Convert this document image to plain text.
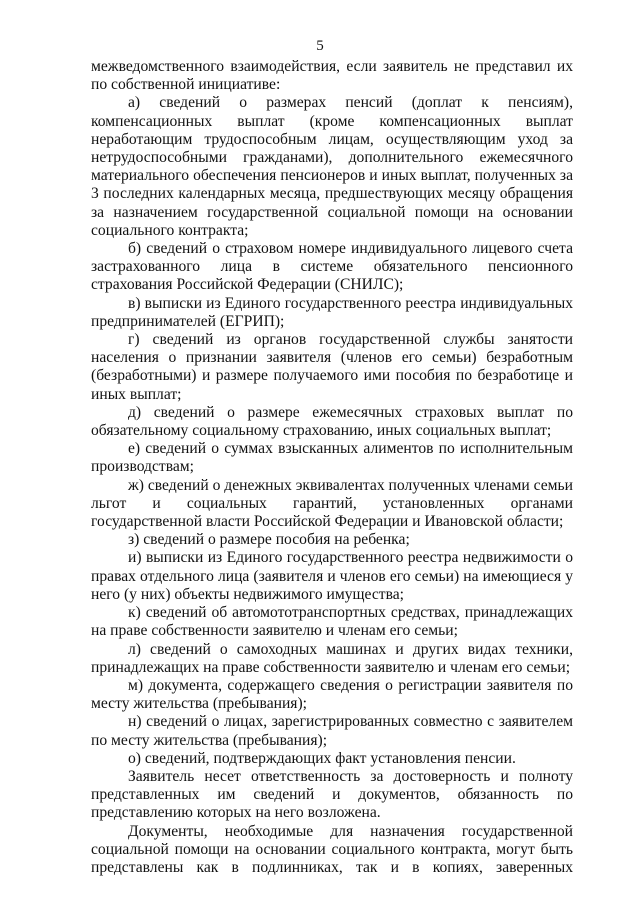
5

межведомственного взаимодействия, если заявитель не представил их по собственной инициативе:

а) сведений о размерах пенсий (доплат к пенсиям), компенсационных выплат (кроме компенсационных выплат неработающим трудоспособным лицам, осуществляющим уход за нетрудоспособными гражданами), дополнительного ежемесячного материального обеспечения пенсионеров и иных выплат, полученных за 3 последних календарных месяца, предшествующих месяцу обращения за назначением государственной социальной помощи на основании социального контракта;

б) сведений о страховом номере индивидуального лицевого счета застрахованного лица в системе обязательного пенсионного страхования Российской Федерации (СНИЛС);

в) выписки из Единого государственного реестра индивидуальных предпринимателей (ЕГРИП);

г) сведений из органов государственной службы занятости населения о признании заявителя (членов его семьи) безработным (безработными) и размере получаемого ими пособия по безработице и иных выплат;

д) сведений о размере ежемесячных страховых выплат по обязательному социальному страхованию, иных социальных выплат;

е) сведений о суммах взысканных алиментов по исполнительным производствам;

ж) сведений о денежных эквивалентах полученных членами семьи льгот и социальных гарантий, установленных органами государственной власти Российской Федерации и Ивановской области;

з) сведений о размере пособия на ребенка;

и) выписки из Единого государственного реестра недвижимости о правах отдельного лица (заявителя и членов его семьи) на имеющиеся у него (у них) объекты недвижимого имущества;

к) сведений об автомототранспортных средствах, принадлежащих на праве собственности заявителю и членам его семьи;

л) сведений о самоходных машинах и других видах техники, принадлежащих на праве собственности заявителю и членам его семьи;

м) документа, содержащего сведения о регистрации заявителя по месту жительства (пребывания);

н) сведений о лицах, зарегистрированных совместно с заявителем по месту жительства (пребывания);

о) сведений, подтверждающих факт установления пенсии.

Заявитель несет ответственность за достоверность и полноту представленных им сведений и документов, обязанность по представлению которых на него возложена.

Документы, необходимые для назначения государственной социальной помощи на основании социального контракта, могут быть представлены как в подлинниках, так и в копиях, заверенных
